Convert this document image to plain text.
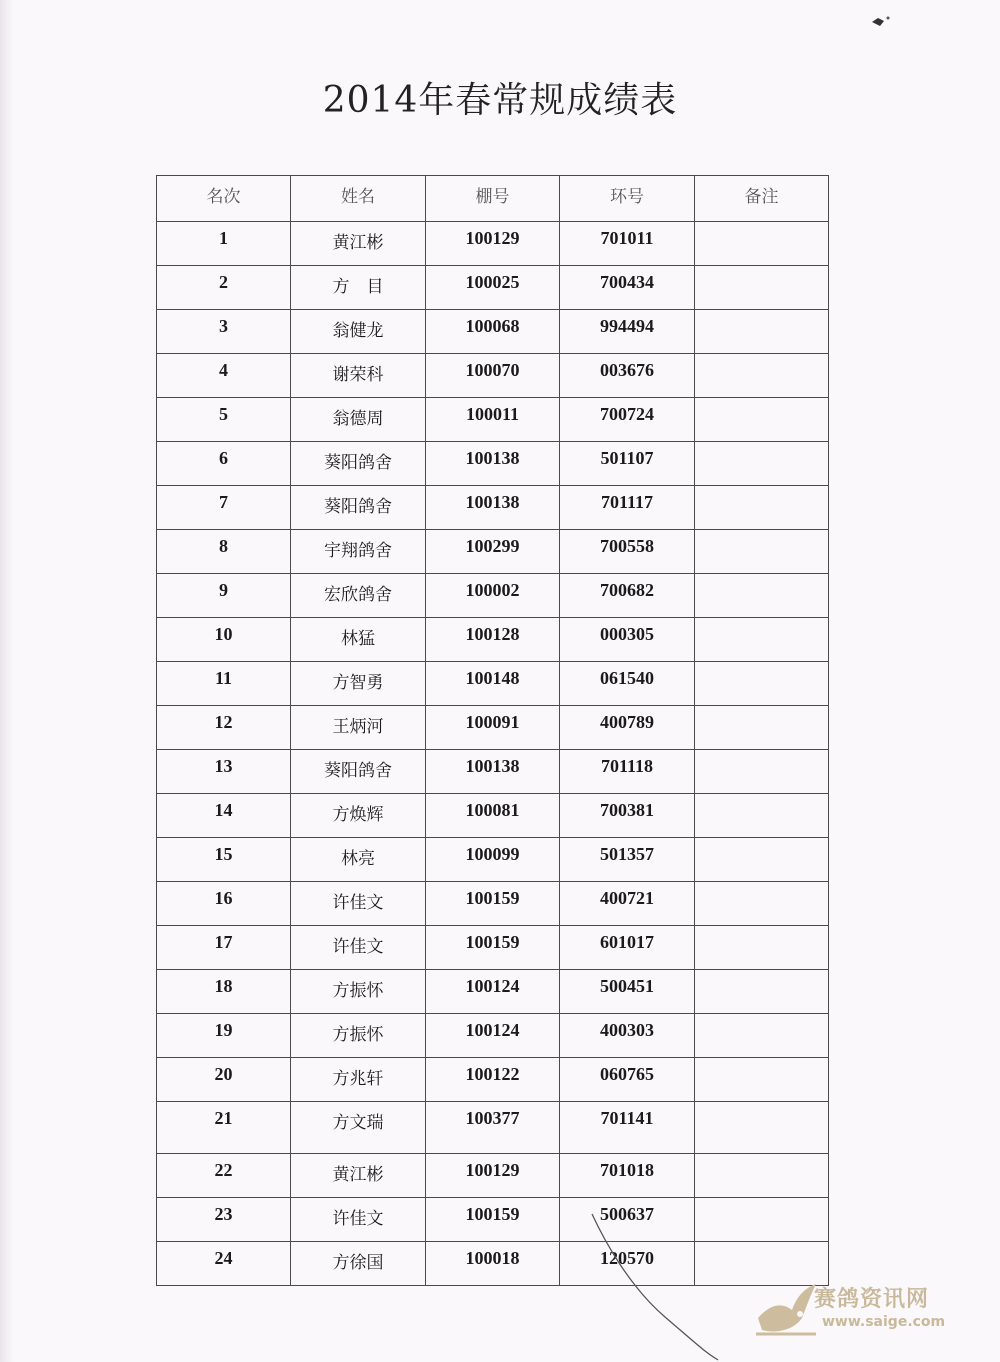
2014年春常规成绩表
名次	姓名	棚号	环号	备注
1	黄江彬	100129	701011	
2	方　目	100025	700434	
3	翁健龙	100068	994494	
4	谢荣科	100070	003676	
5	翁德周	100011	700724	
6	葵阳鸽舍	100138	501107	
7	葵阳鸽舍	100138	701117	
8	宇翔鸽舍	100299	700558	
9	宏欣鸽舍	100002	700682	
10	林猛	100128	000305	
11	方智勇	100148	061540	
12	王炳河	100091	400789	
13	葵阳鸽舍	100138	701118	
14	方焕辉	100081	700381	
15	林亮	100099	501357	
16	许佳文	100159	400721	
17	许佳文	100159	601017	
18	方振怀	100124	500451	
19	方振怀	100124	400303	
20	方兆轩	100122	060765	
21	方文瑞	100377	701141	
22	黄江彬	100129	701018	
23	许佳文	100159	500637	
24	方徐国	100018	120570	
赛鸽资讯网
www.saige.com
